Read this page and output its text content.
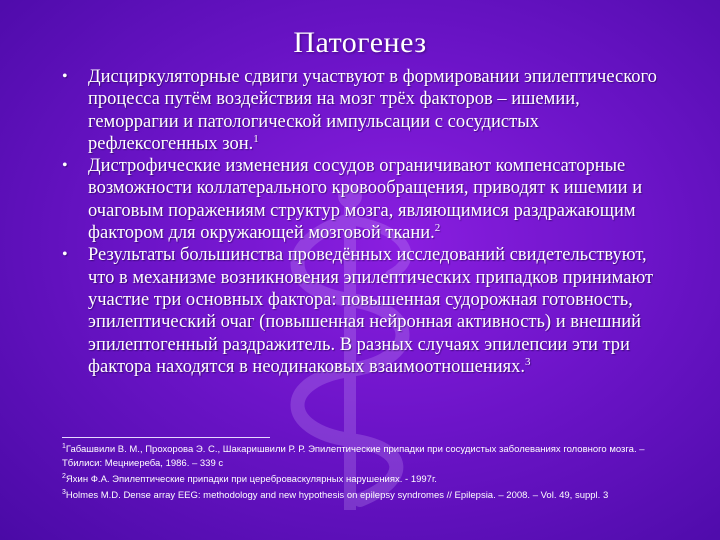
Патогенез
• Дисциркуляторные сдвиги участвуют в формировании эпилептического процесса путём воздействия на мозг трёх факторов – ишемии, геморрагии и патологической импульсации с сосудистых рефлексогенных зон.$^1$
• Дистрофические изменения сосудов ограничивают компенсаторные возможности коллатерального кровообращения, приводят к ишемии и очаговым поражениям структур мозга, являющимися раздражающим фактором для окружающей мозговой ткани.$^2$
• Результаты большинства проведённых исследований свидетельствуют, что в механизме возникновения эпилептических припадков принимают участие три основных фактора: повышенная судорожная готовность, эпилептический очаг (повышенная нейронная активность) и внешний эпилептогенный раздражитель. В разных случаях эпилепсии эти три фактора находятся в неодинаковых взаимоотношениях.$^3$

$^1$Габашвили В. М., Прохорова Э. С., Шакаришвили Р. Р. Эпилептические припадки при сосудистых заболеваниях головного мозга. – Тбилиси: Мецниереба, 1986. – 339 с

$^2$Яхин Ф.А. Эпилептические припадки при цереброваскулярных нарушениях. - 1997г.

$^3$Holmes M.D. Dense array EEG: methodology and new hypothesis on epilepsy syndromes // Epilepsia. – 2008. – Vol. 49, suppl. 3
